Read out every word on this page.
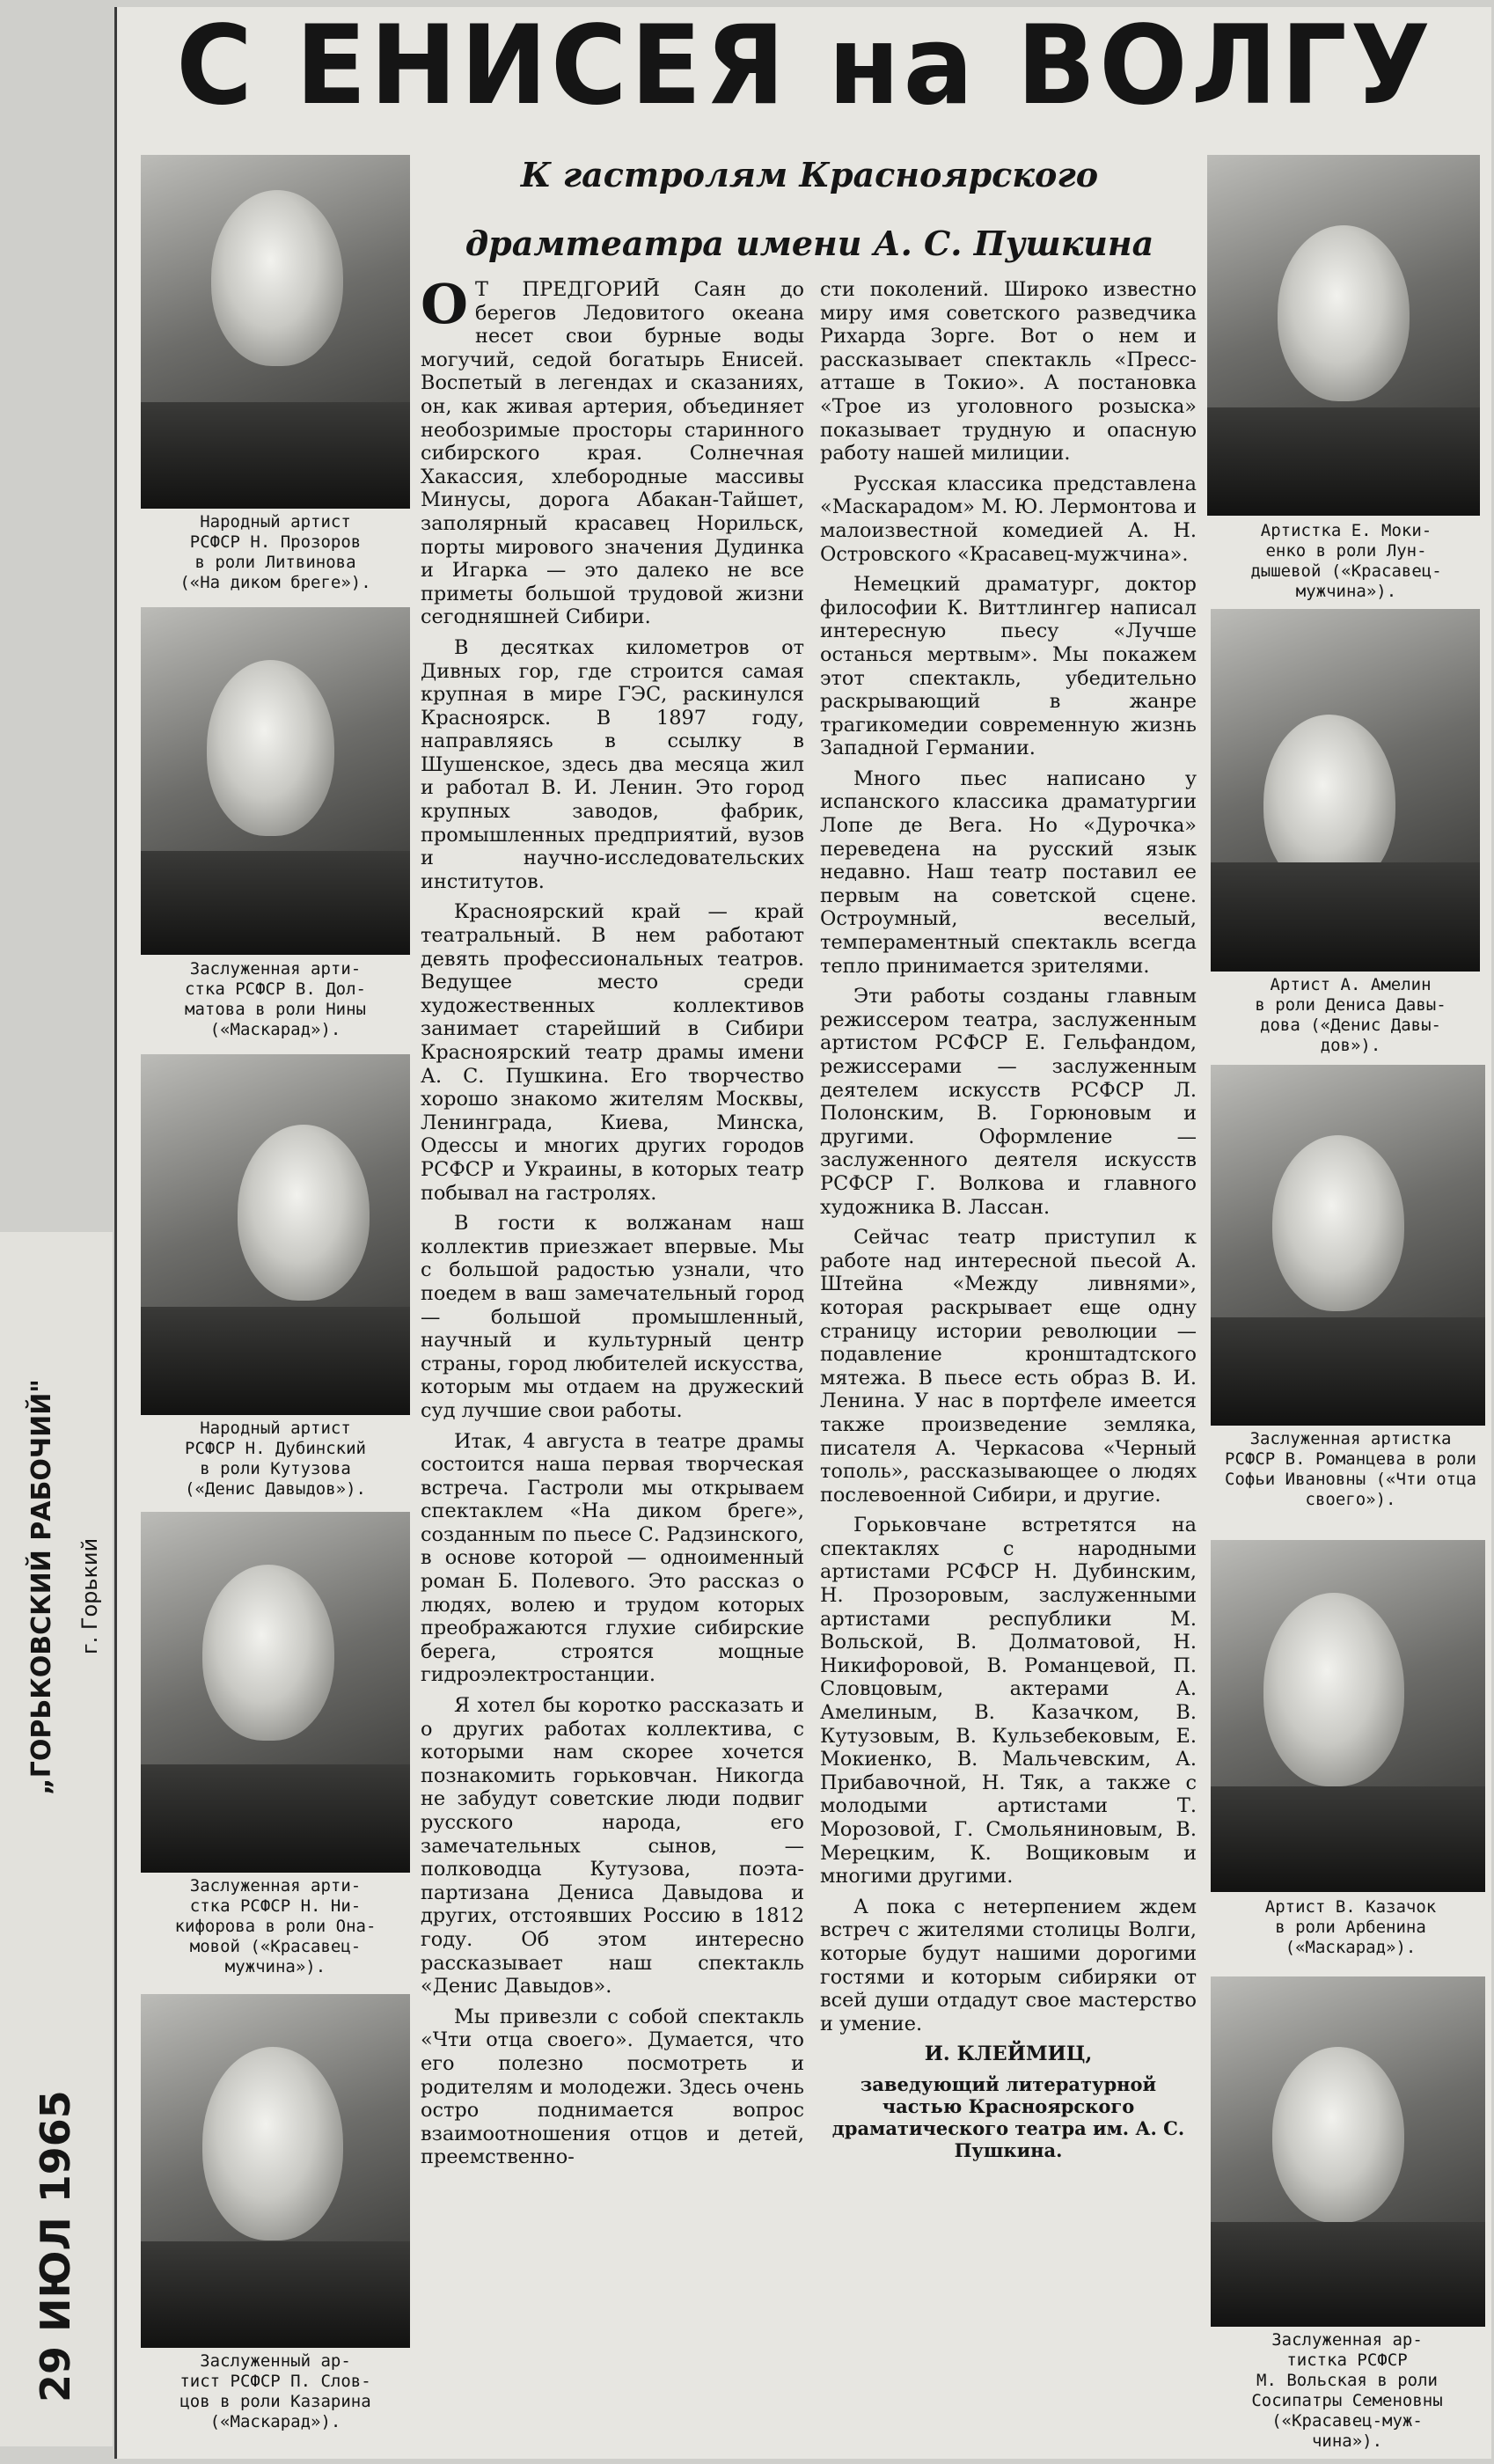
„ГОРЬКОВСКИЙ РАБОЧИЙ" г. Горький
29 ИЮЛ 1965
С ЕНИСЕЯ на ВОЛГУ
К гастролям Красноярского драмтеатра имени А. С. Пушкина
Народный артист
РСФСР Н. Прозоров
в роли Литвинова
(«На диком бреге»).
Заслуженная арти-
стка РСФСР В. Дол-
матова в роли Нины
(«Маскарад»).
Народный артист
РСФСР Н. Дубинский
в роли Кутузова
(«Денис Давыдов»).
Заслуженная арти-
стка РСФСР Н. Ни-
кифорова в роли Она-
мовой («Красавец-
мужчина»).
Заслуженный ар-
тист РСФСР П. Слов-
цов в роли Казарина
(«Маскарад»).
Артистка Е. Моки-
енко в роли Лун-
дышевой («Красавец-
мужчина»).
Артист А. Амелин
в роли Дениса Давы-
дова («Денис Давы-
дов»).
Заслуженная артистка РСФСР В. Романцева в роли Софьи Ивановны («Чти отца своего»).
Артист В. Казачок
в роли Арбенина
(«Маскарад»).
Заслуженная ар-
тистка РСФСР
М. Вольская в роли
Сосипатры Семеновны
(«Красавец-муж-
чина»).

О Т ПРЕДГОРИЙ Саян до берегов Ледовитого океана несет свои бурные воды могучий, седой богатырь Енисей. Воспетый в легендах и сказаниях, он, как живая артерия, объединяет необозримые просторы старинного сибирского края. Солнечная Хакассия, хлебородные массивы Минусы, дорога Абакан-Тайшет, заполярный красавец Норильск, порты мирового значения Дудинка и Игарка — это далеко не все приметы большой трудовой жизни сегодняшней Сибири.

В десятках километров от Дивных гор, где строится самая крупная в мире ГЭС, раскинулся Красноярск. В 1897 году, направляясь в ссылку в Шушенское, здесь два месяца жил и работал В. И. Ленин. Это город крупных заводов, фабрик, промышленных предприятий, вузов и научно-исследовательских институтов.

Красноярский край — край театральный. В нем работают девять профессиональных театров. Ведущее место среди художественных коллективов занимает старейший в Сибири Красноярский театр драмы имени А. С. Пушкина. Его творчество хорошо знакомо жителям Москвы, Ленинграда, Киева, Минска, Одессы и многих других городов РСФСР и Украины, в которых театр побывал на гастролях.

В гости к волжанам наш коллектив приезжает впервые. Мы с большой радостью узнали, что поедем в ваш замечательный город — большой промышленный, научный и культурный центр страны, город любителей искусства, которым мы отдаем на дружеский суд лучшие свои работы.

Итак, 4 августа в театре драмы состоится наша первая творческая встреча. Гастроли мы открываем спектаклем «На диком бреге», созданным по пьесе С. Радзинского, в основе которой — одноименный роман Б. Полевого. Это рассказ о людях, волею и трудом которых преображаются глухие сибирские берега, строятся мощные гидроэлектростанции.

Я хотел бы коротко рассказать и о других работах коллектива, с которыми нам скорее хочется познакомить горьковчан. Никогда не забудут советские люди подвиг русского народа, его замечательных сынов, — полководца Кутузова, поэта-партизана Дениса Давыдова и других, отстоявших Россию в 1812 году. Об этом интересно рассказывает наш спектакль «Денис Давыдов».

Мы привезли с собой спектакль «Чти отца своего». Думается, что его полезно посмотреть и родителям и молодежи. Здесь очень остро поднимается вопрос взаимоотношения отцов и детей, преемственно-

сти поколений. Широко известно миру имя советского разведчика Рихарда Зорге. Вот о нем и рассказывает спектакль «Пресс-атташе в Токио». А постановка «Трое из уголовного розыска» показывает трудную и опасную работу нашей милиции.

Русская классика представлена «Маскарадом» М. Ю. Лермонтова и малоизвестной комедией А. Н. Островского «Красавец-мужчина».

Немецкий драматург, доктор философии К. Виттлингер написал интересную пьесу «Лучше останься мертвым». Мы покажем этот спектакль, убедительно раскрывающий в жанре трагикомедии современную жизнь Западной Германии.

Много пьес написано у испанского классика драматургии Лопе де Вега. Но «Дурочка» переведена на русский язык недавно. Наш театр поставил ее первым на советской сцене. Остроумный, веселый, темпераментный спектакль всегда тепло принимается зрителями.

Эти работы созданы главным режиссером театра, заслуженным артистом РСФСР Е. Гельфандом, режиссерами — заслуженным деятелем искусств РСФСР Л. Полонским, В. Горюновым и другими. Оформление — заслуженного деятеля искусств РСФСР Г. Волкова и главного художника В. Лассан.

Сейчас театр приступил к работе над интересной пьесой А. Штейна «Между ливнями», которая раскрывает еще одну страницу истории революции — подавление кронштадтского мятежа. В пьесе есть образ В. И. Ленина. У нас в портфеле имеется также произведение земляка, писателя А. Черкасова «Черный тополь», рассказывающее о людях послевоенной Сибири, и другие.

Горьковчане встретятся на спектаклях с народными артистами РСФСР Н. Дубинским, Н. Прозоровым, заслуженными артистами республики М. Вольской, В. Долматовой, Н. Никифоровой, В. Романцевой, П. Словцовым, актерами А. Амелиным, В. Казачком, В. Кутузовым, В. Кульзебековым, Е. Мокиенко, В. Мальчевским, А. Прибавочной, Н. Тяк, а также с молодыми артистами Т. Морозовой, Г. Смольяниновым, В. Мерецким, К. Вощиковым и многими другими.

А пока с нетерпением ждем встреч с жителями столицы Волги, которые будут нашими дорогими гостями и которым сибиряки от всей души отдадут свое мастерство и умение.

И. КЛЕЙМИЦ,

заведующий литературной частью Красноярского драматического театра им. А. С. Пушкина.
